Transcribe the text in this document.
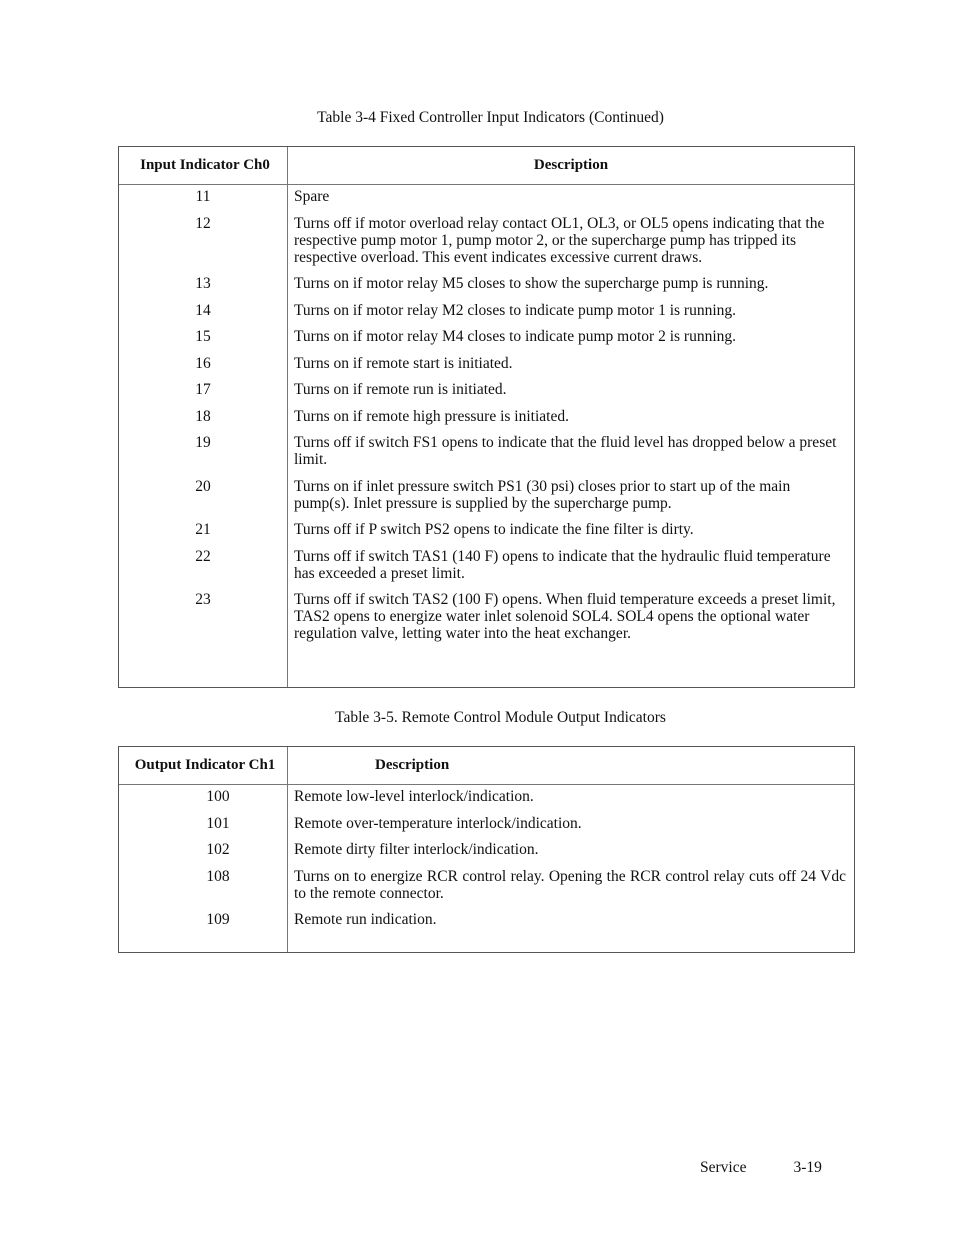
Table 3-4 Fixed Controller Input Indicators (Continued)
Input Indicator Ch0	Description
11	Spare
12	Turns off if motor overload relay contact OL1, OL3, or OL5 opens indicating that the respective pump motor 1, pump motor 2, or the supercharge pump has tripped its respective overload. This event indicates excessive current draws.
13	Turns on if motor relay M5 closes to show the supercharge pump is running.
14	Turns on if motor relay M2 closes to indicate pump motor 1 is running.
15	Turns on if motor relay M4 closes to indicate pump motor 2 is running.
16	Turns on if remote start is initiated.
17	Turns on if remote run is initiated.
18	Turns on if remote high pressure is initiated.
19	Turns off if switch FS1 opens to indicate that the fluid level has dropped below a preset limit.
20	Turns on if inlet pressure switch PS1 (30 psi) closes prior to start up of the main pump(s). Inlet pressure is supplied by the supercharge pump.
21	Turns off if P switch PS2 opens to indicate the fine filter is dirty.
22	Turns off if switch TAS1 (140 F) opens to indicate that the hydraulic fluid temperature has exceeded a preset limit.
23	Turns off if switch TAS2 (100 F) opens. When fluid temperature exceeds a preset limit, TAS2 opens to energize water inlet solenoid SOL4. SOL4 opens the optional water regulation valve, letting water into the heat exchanger.
Table 3-5. Remote Control Module Output Indicators
Output Indicator Ch1	Description
100	Remote low-level interlock/indication.
101	Remote over-temperature interlock/indication.
102	Remote dirty filter interlock/indication.
108	Turns on to energize RCR control relay. Opening the RCR control relay cuts off 24 Vdc to the remote connector.
109	Remote run indication.
Service	3-19
